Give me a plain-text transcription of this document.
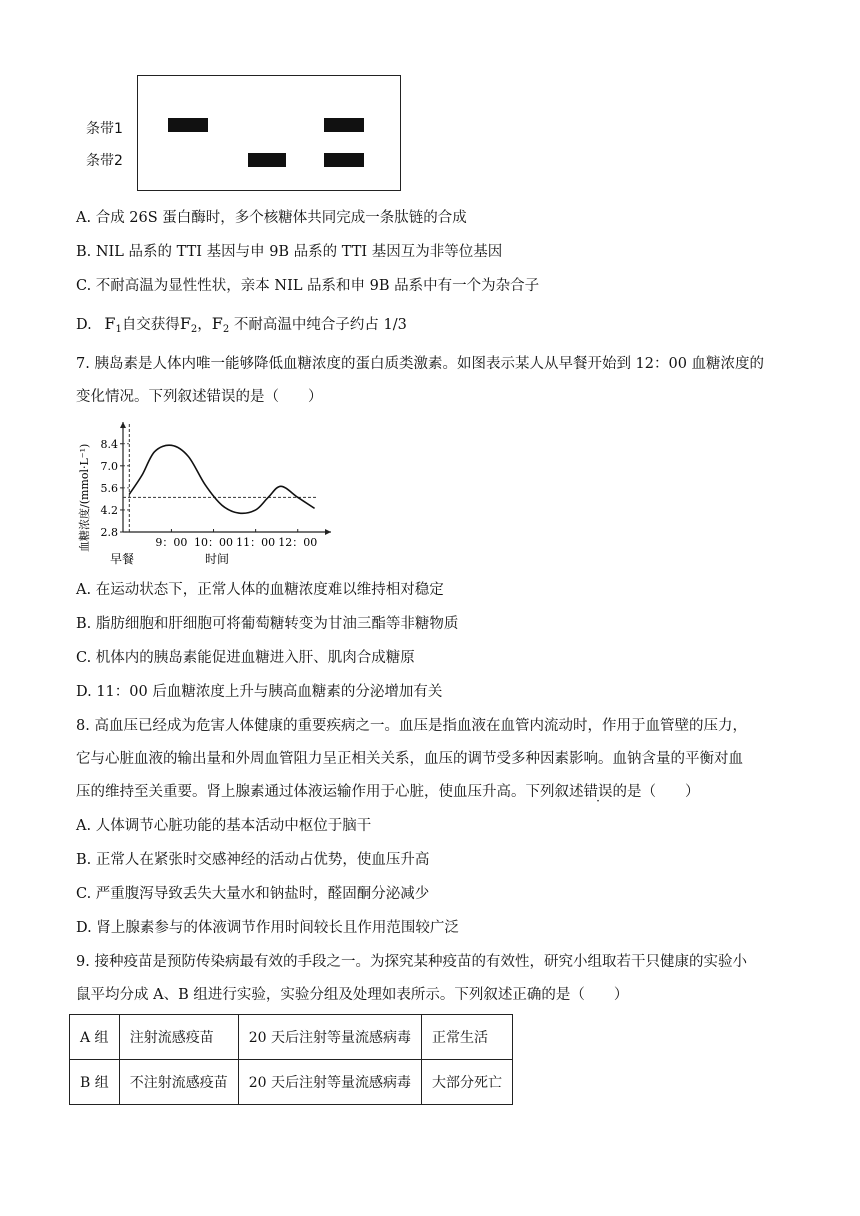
条带1
条带2
A. 合成 26S 蛋白酶时，多个核糖体共同完成一条肽链的合成
B. NIL 品系的 TTI 基因与申 9B 品系的 TTI 基因互为非等位基因
C. 不耐高温为显性性状，亲本 NIL 品系和申 9B 品系中有一个为杂合子
D. $F_1$自交获得$F_2$，$F_2$ 不耐高温中纯合子约占 1/3
7. 胰岛素是人体内唯一能够降低血糖浓度的蛋白质类激素。如图表示某人从早餐开始到 12：00 血糖浓度的
变化情况。下列叙述错误的是（　　）
8.4
7.0
5.6
4.2
2.8
9：00 10：00 11：00 12：00
血糖浓度/(mmol·L⁻¹)
早餐	时间
A. 在运动状态下，正常人体的血糖浓度难以维持相对稳定
B. 脂肪细胞和肝细胞可将葡萄糖转变为甘油三酯等非糖物质
C. 机体内的胰岛素能促进血糖进入肝、肌肉合成糖原
D. 11：00 后血糖浓度上升与胰高血糖素的分泌增加有关
8. 高血压已经成为危害人体健康的重要疾病之一。血压是指血液在血管内流动时，作用于血管壁的压力，
它与心脏血液的输出量和外周血管阻力呈正相关关系，血压的调节受多种因素影响。血钠含量的平衡对血
压的维持至关重要。肾上腺素通过体液运输作用于心脏，使血压升高。下列叙述错误的是（　　）
A. 人体调节心脏功能的基本活动中枢位于脑干
B. 正常人在紧张时交感神经的活动占优势，使血压升高
C. 严重腹泻导致丢失大量水和钠盐时，醛固酮分泌减少
D. 肾上腺素参与的体液调节作用时间较长且作用范围较广泛
9. 接种疫苗是预防传染病最有效的手段之一。为探究某种疫苗的有效性，研究小组取若干只健康的实验小
鼠平均分成 A、B 组进行实验，实验分组及处理如表所示。下列叙述正确的是（　　）
A 组	注射流感疫苗	20 天后注射等量流感病毒	正常生活
B 组	不注射流感疫苗	20 天后注射等量流感病毒	大部分死亡
